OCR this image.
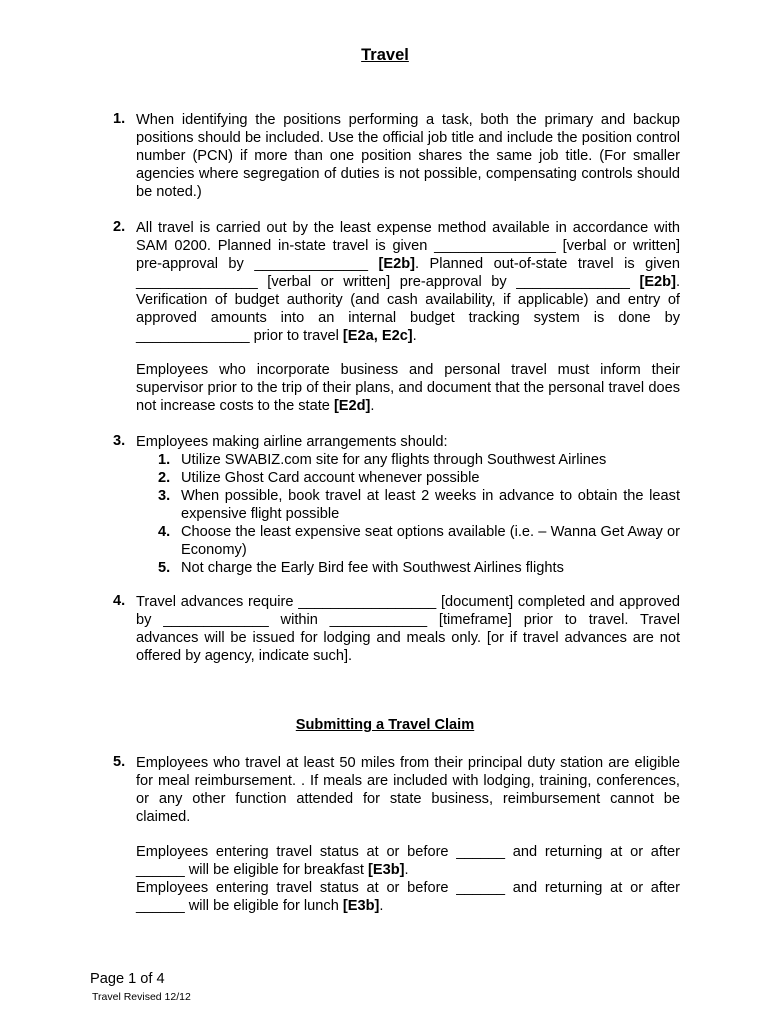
Travel
1. When identifying the positions performing a task, both the primary and backup positions should be included. Use the official job title and include the position control number (PCN) if more than one position shares the same job title. (For smaller agencies where segregation of duties is not possible, compensating controls should be noted.)
2. All travel is carried out by the least expense method available in accordance with SAM 0200. Planned in-state travel is given _______________ [verbal or written] pre-approval by ______________ [E2b]. Planned out-of-state travel is given _______________ [verbal or written] pre-approval by ______________ [E2b]. Verification of budget authority (and cash availability, if applicable) and entry of approved amounts into an internal budget tracking system is done by ______________ prior to travel [E2a, E2c].
Employees who incorporate business and personal travel must inform their supervisor prior to the trip of their plans, and document that the personal travel does not increase costs to the state [E2d].
3. Employees making airline arrangements should:
1. Utilize SWABIZ.com site for any flights through Southwest Airlines
2. Utilize Ghost Card account whenever possible
3. When possible, book travel at least 2 weeks in advance to obtain the least expensive flight possible
4. Choose the least expensive seat options available (i.e. – Wanna Get Away or Economy)
5. Not charge the Early Bird fee with Southwest Airlines flights
4. Travel advances require _________________ [document] completed and approved by _____________ within ____________ [timeframe] prior to travel. Travel advances will be issued for lodging and meals only. [or if travel advances are not offered by agency, indicate such].
Submitting a Travel Claim
5. Employees who travel at least 50 miles from their principal duty station are eligible for meal reimbursement. . If meals are included with lodging, training, conferences, or any other function attended for state business, reimbursement cannot be claimed.
Employees entering travel status at or before ______ and returning at or after ______ will be eligible for breakfast [E3b].
Employees entering travel status at or before ______ and returning at or after ______ will be eligible for lunch [E3b].
Page 1 of 4
Travel Revised 12/12
